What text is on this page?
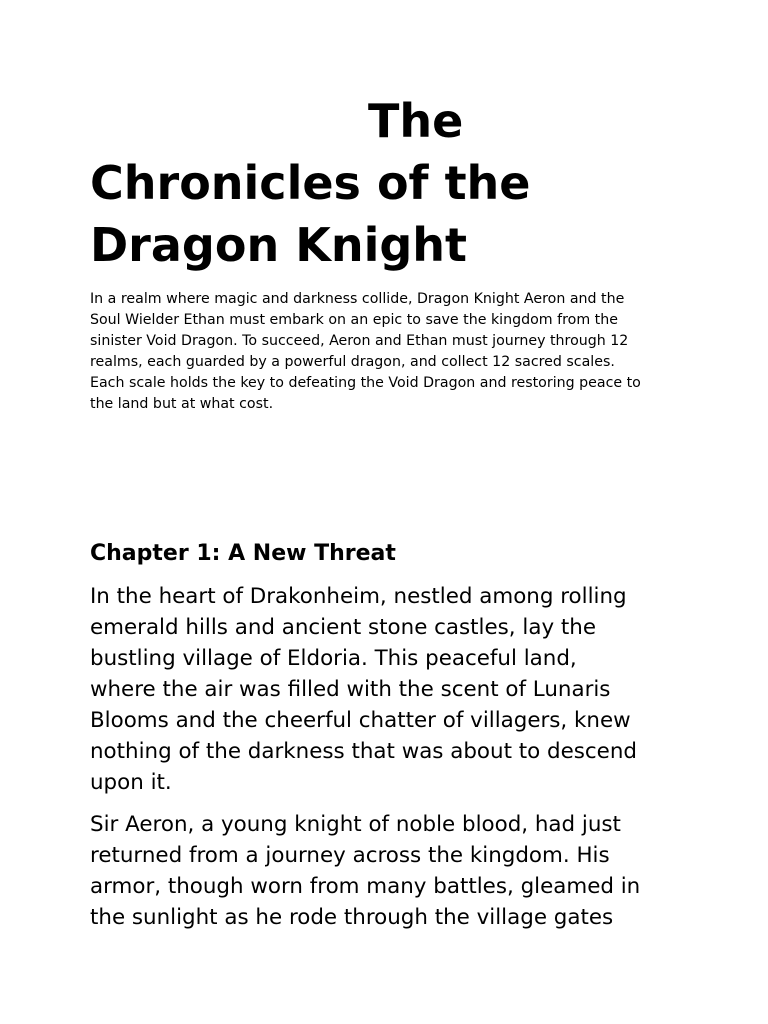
The
Chronicles of the
Dragon Knight

In a realm where magic and darkness collide, Dragon Knight Aeron and the
Soul Wielder Ethan must embark on an epic to save the kingdom from the
sinister Void Dragon. To succeed, Aeron and Ethan must journey through 12
realms, each guarded by a powerful dragon, and collect 12 sacred scales.
Each scale holds the key to defeating the Void Dragon and restoring peace to
the land but at what cost.

Chapter 1: A New Threat

In the heart of Drakonheim, nestled among rolling
emerald hills and ancient stone castles, lay the
bustling village of Eldoria. This peaceful land,
where the air was filled with the scent of Lunaris
Blooms and the cheerful chatter of villagers, knew
nothing of the darkness that was about to descend
upon it.

Sir Aeron, a young knight of noble blood, had just
returned from a journey across the kingdom. His
armor, though worn from many battles, gleamed in
the sunlight as he rode through the village gates
